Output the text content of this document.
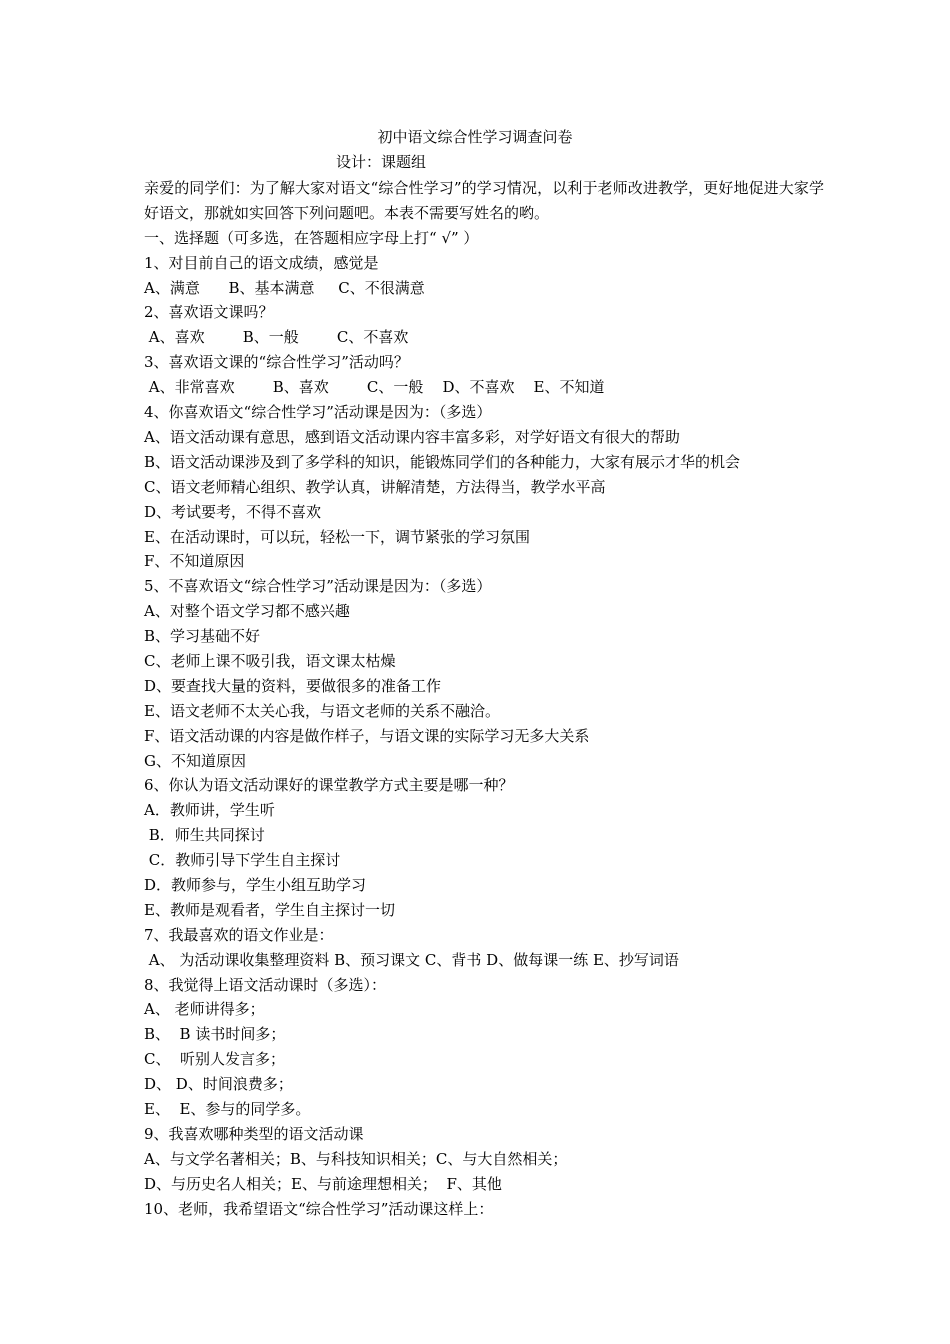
初中语文综合性学习调查问卷
设计：课题组
亲爱的同学们：为了解大家对语文“综合性学习”的学习情况，以利于老师改进教学，更好地促进大家学好语文，那就如实回答下列问题吧。本表不需要写姓名的哟。
一、选择题（可多选，在答题相应字母上打“ √” ）
1、对目前自己的语文成绩，感觉是
A、满意      B、基本满意     C、不很满意
2、喜欢语文课吗？
A、喜欢        B、一般        C、不喜欢
3、喜欢语文课的“综合性学习”活动吗？
A、非常喜欢        B、喜欢        C、一般    D、不喜欢    E、不知道
4、你喜欢语文“综合性学习”活动课是因为：（多选）
A、语文活动课有意思，感到语文活动课内容丰富多彩，对学好语文有很大的帮助
B、语文活动课涉及到了多学科的知识，能锻炼同学们的各种能力，大家有展示才华的机会
C、语文老师精心组织、教学认真，讲解清楚，方法得当，教学水平高
D、考试要考，不得不喜欢
E、在活动课时，可以玩，轻松一下，调节紧张的学习氛围
F、不知道原因
5、不喜欢语文“综合性学习”活动课是因为：（多选）
A、对整个语文学习都不感兴趣
B、学习基础不好
C、老师上课不吸引我，语文课太枯燥
D、要查找大量的资料，要做很多的准备工作
E、语文老师不太关心我，与语文老师的关系不融洽。
F、语文活动课的内容是做作样子，与语文课的实际学习无多大关系
G、不知道原因
6、你认为语文活动课好的课堂教学方式主要是哪一种？
A．教师讲，学生听
B．师生共同探讨
C．教师引导下学生自主探讨
D．教师参与，学生小组互助学习
E、教师是观看者，学生自主探讨一切
7、我最喜欢的语文作业是：
A、 为活动课收集整理资料 B、预习课文 C、背书 D、做每课一练 E、抄写词语
8、我觉得上语文活动课时（多选）：
A、 老师讲得多；
B、  B 读书时间多；
C、  听别人发言多；
D、 D、时间浪费多；
E、  E、参与的同学多。
9、我喜欢哪种类型的语文活动课
A、与文学名著相关；B、与科技知识相关；C、与大自然相关；
D、与历史名人相关；E、与前途理想相关；  F、其他
10、老师，我希望语文“综合性学习”活动课这样上：
